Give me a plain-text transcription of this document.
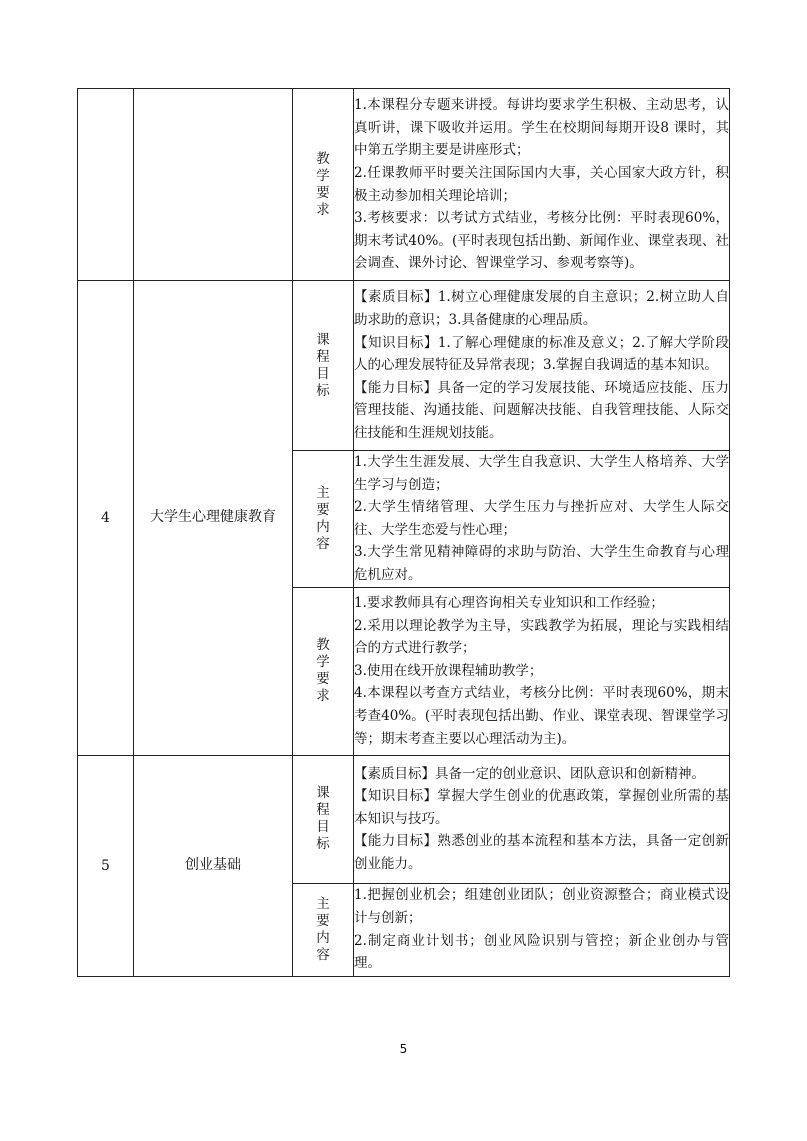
		教学要求	1.本课程分专题来讲授。每讲均要求学生积极、主动思考，认真听讲，课下吸收并运用。学生在校期间每期开设8 课时，其中第五学期主要是讲座形式；
2.任课教师平时要关注国际国内大事，关心国家大政方针，积极主动参加相关理论培训；
3.考核要求：以考试方式结业，考核分比例：平时表现60%，期末考试40%。(平时表现包括出勤、新闻作业、课堂表现、社会调查、课外讨论、智课堂学习、参观考察等)。
4	大学生心理健康教育	课程目标	【素质目标】1.树立心理健康发展的自主意识；2.树立助人自助求助的意识；3.具备健康的心理品质。
【知识目标】1.了解心理健康的标准及意义；2.了解大学阶段人的心理发展特征及异常表现；3.掌握自我调适的基本知识。
【能力目标】具备一定的学习发展技能、环境适应技能、压力管理技能、沟通技能、问题解决技能、自我管理技能、人际交往技能和生涯规划技能。
		主要内容	1.大学生生涯发展、大学生自我意识、大学生人格培养、大学生学习与创造；
2.大学生情绪管理、大学生压力与挫折应对、大学生人际交往、大学生恋爱与性心理；
3.大学生常见精神障碍的求助与防治、大学生生命教育与心理危机应对。
		教学要求	1.要求教师具有心理咨询相关专业知识和工作经验；
2.采用以理论教学为主导，实践教学为拓展，理论与实践相结合的方式进行教学；
3.使用在线开放课程辅助教学；
4.本课程以考查方式结业，考核分比例：平时表现60%，期末考查40%。(平时表现包括出勤、作业、课堂表现、智课堂学习等；期末考查主要以心理活动为主)。
5	创业基础	课程目标	【素质目标】具备一定的创业意识、团队意识和创新精神。
【知识目标】掌握大学生创业的优惠政策，掌握创业所需的基本知识与技巧。
【能力目标】熟悉创业的基本流程和基本方法，具备一定创新创业能力。
		主要内容	1.把握创业机会；组建创业团队；创业资源整合；商业模式设计与创新；
2.制定商业计划书；创业风险识别与管控；新企业创办与管理。
5
